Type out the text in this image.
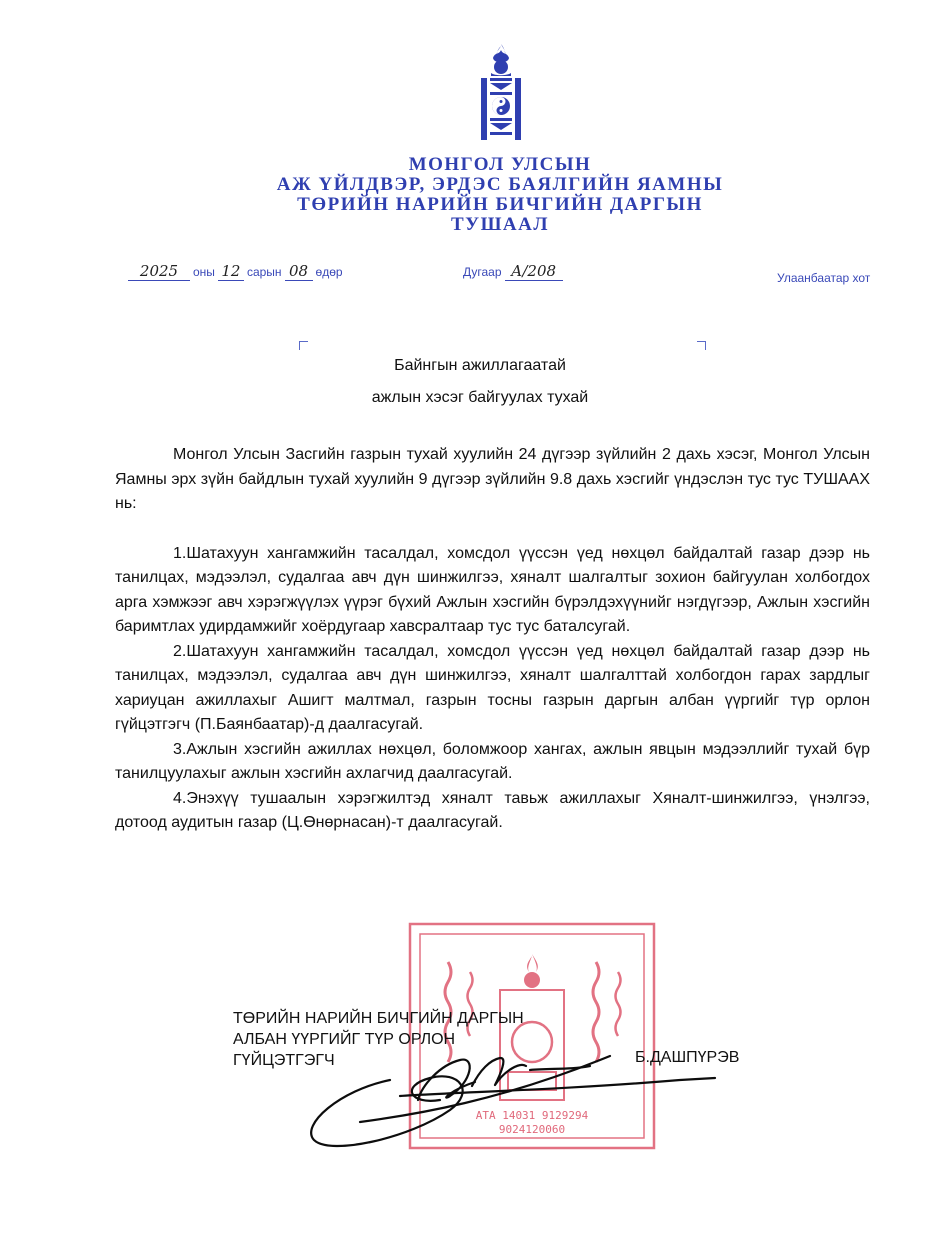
МОНГОЛ УЛСЫН
АЖ ҮЙЛДВЭР, ЭРДЭС БАЯЛГИЙН ЯАМНЫ
ТӨРИЙН НАРИЙН БИЧГИЙН ДАРГЫН
ТУШААЛ
2025 оны 12 сарын 08 өдөр	Дугаар А/208	Улаанбаатар хот
Байнгын ажиллагаатай
ажлын хэсэг байгуулах тухай

Монгол Улсын Засгийн газрын тухай хуулийн 24 дүгээр зүйлийн 2 дахь хэсэг, Монгол Улсын Яамны эрх зүйн байдлын тухай хуулийн 9 дүгээр зүйлийн 9.8 дахь хэсгийг үндэслэн тус тус ТУШААХ нь:

1.Шатахуун хангамжийн тасалдал, хомсдол үүссэн үед нөхцөл байдалтай газар дээр нь танилцах, мэдээлэл, судалгаа авч дүн шинжилгээ, хяналт шалгалтыг зохион байгуулан холбогдох арга хэмжээг авч хэрэгжүүлэх үүрэг бүхий Ажлын хэсгийн бүрэлдэхүүнийг нэгдүгээр, Ажлын хэсгийн баримтлах удирдамжийг хоёрдугаар хавсралтаар тус тус баталсугай.

2.Шатахуун хангамжийн тасалдал, хомсдол үүссэн үед нөхцөл байдалтай газар дээр нь танилцах, мэдээлэл, судалгаа авч дүн шинжилгээ, хяналт шалгалттай холбогдон гарах зардлыг хариуцан ажиллахыг Ашигт малтмал, газрын тосны газрын даргын албан үүргийг түр орлон гүйцэтгэгч (П.Баянбаатар)-д даалгасугай.

3.Ажлын хэсгийн ажиллах нөхцөл, боломжоор хангах, ажлын явцын мэдээллийг тухай бүр танилцуулахыг ажлын хэсгийн ахлагчид даалгасугай.

4.Энэхүү тушаалын хэрэгжилтэд хяналт тавьж ажиллахыг Хяналт-шинжилгээ, үнэлгээ, дотоод аудитын газар (Ц.Өнөрнасан)-т даалгасугай.

АТА 14031 9129294
9024120060
ТӨРИЙН НАРИЙН БИЧГИЙН ДАРГЫН
АЛБАН ҮҮРГИЙГ ТҮР ОРЛОН
ГҮЙЦЭТГЭГЧ	Б.ДАШПҮРЭВ
